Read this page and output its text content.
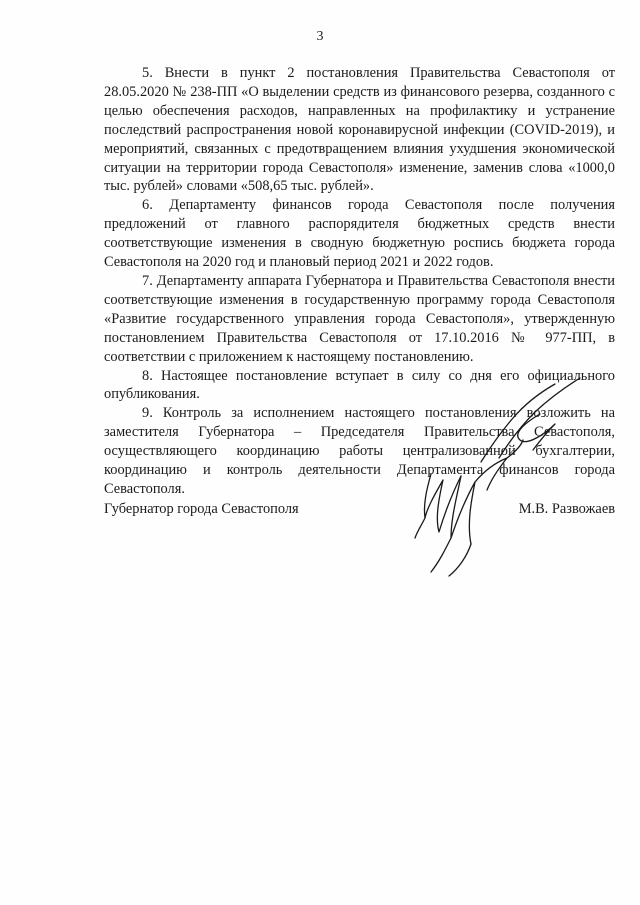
3

5. Внести в пункт 2 постановления Правительства Севастополя от 28.05.2020 № 238-ПП «О выделении средств из финансового резерва, созданного с целью обеспечения расходов, направленных на профилактику и устранение последствий распространения новой коронавирусной инфекции (COVID-2019), и мероприятий, связанных с предотвращением влияния ухудшения экономической ситуации на территории города Севастополя» изменение, заменив слова «1000,0 тыс. рублей» словами «508,65 тыс. рублей».

6. Департаменту финансов города Севастополя после получения предложений от главного распорядителя бюджетных средств внести соответствующие изменения в сводную бюджетную роспись бюджета города Севастополя на 2020 год и плановый период 2021 и 2022 годов.

7. Департаменту аппарата Губернатора и Правительства Севастополя внести соответствующие изменения в государственную программу города Севастополя «Развитие государственного управления города Севастополя», утвержденную постановлением Правительства Севастополя от 17.10.2016 № 977-ПП, в соответствии с приложением к настоящему постановлению.

8. Настоящее постановление вступает в силу со дня его официального опубликования.

9. Контроль за исполнением настоящего постановления возложить на заместителя Губернатора – Председателя Правительства Севастополя, осуществляющего координацию работы централизованной бухгалтерии, координацию и контроль деятельности Департамента финансов города Севастополя.

Губернатор города Севастополя	М.В. Развожаев
